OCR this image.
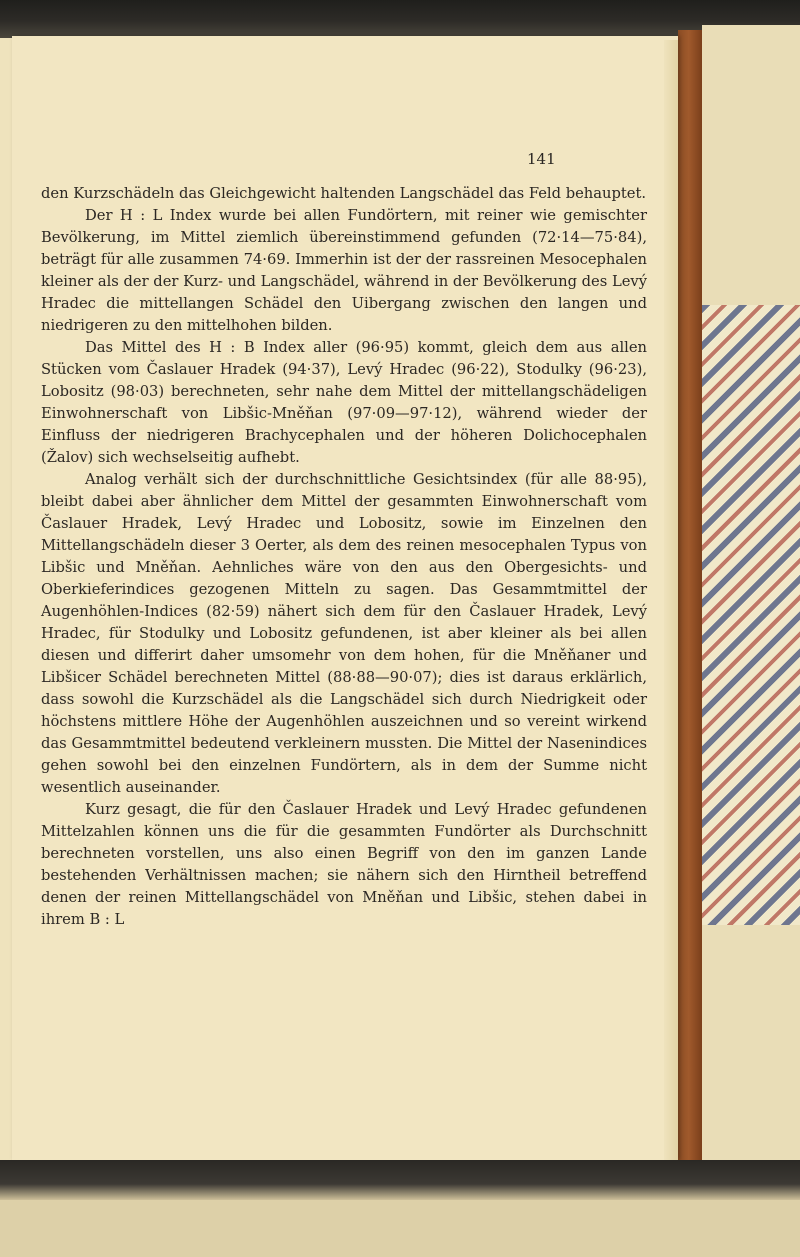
141

den Kurzschädeln das Gleichgewicht haltenden Langschädel das Feld behauptet.

Der H : L Index wurde bei allen Fundörtern, mit reiner wie gemischter Bevölkerung, im Mittel ziemlich übereinstimmend gefunden (72·14—75·84), beträgt für alle zusammen 74·69. Immerhin ist der der rassreinen Mesocephalen kleiner als der der Kurz- und Langschädel, während in der Bevölkerung des Levý Hradec die mittellangen Schädel den Uibergang zwischen den langen und niedrigeren zu den mittelhohen bilden.

Das Mittel des H : B Index aller (96·95) kommt, gleich dem aus allen Stücken vom Časlauer Hradek (94·37), Levý Hradec (96·22), Stodulky (96·23), Lobositz (98·03) berechneten, sehr nahe dem Mittel der mittellangschädeligen Einwohnerschaft von Libšic-Mněňan (97·09—97·12), während wieder der Einfluss der niedrigeren Brachycephalen und der höheren Dolichocephalen (Žalov) sich wechselseitig aufhebt.

Analog verhält sich der durchschnittliche Gesichtsindex (für alle 88·95), bleibt dabei aber ähnlicher dem Mittel der gesammten Einwohnerschaft vom Časlauer Hradek, Levý Hradec und Lobositz, sowie im Einzelnen den Mittellangschädeln dieser 3 Oerter, als dem des reinen mesocephalen Typus von Libšic und Mněňan. Aehnliches wäre von den aus den Obergesichts- und Oberkieferindices gezogenen Mitteln zu sagen. Das Gesammtmittel der Augenhöhlen-Indices (82·59) nähert sich dem für den Časlauer Hradek, Levý Hradec, für Stodulky und Lobositz gefundenen, ist aber kleiner als bei allen diesen und differirt daher umsomehr von dem hohen, für die Mněňaner und Libšicer Schädel berechneten Mittel (88·88—90·07); dies ist daraus erklärlich, dass sowohl die Kurzschädel als die Langschädel sich durch Niedrigkeit oder höchstens mittlere Höhe der Augenhöhlen auszeichnen und so vereint wirkend das Gesammtmittel bedeutend verkleinern mussten. Die Mittel der Nasenindices gehen sowohl bei den einzelnen Fundörtern, als in dem der Summe nicht wesentlich auseinander.

Kurz gesagt, die für den Časlauer Hradek und Levý Hradec gefundenen Mittelzahlen können uns die für die gesammten Fundörter als Durchschnitt berechneten vorstellen, uns also einen Begriff von den im ganzen Lande bestehenden Verhältnissen machen; sie nähern sich den Hirntheil betreffend denen der reinen Mittellangschädel von Mněňan und Libšic, stehen dabei in ihrem B : L
